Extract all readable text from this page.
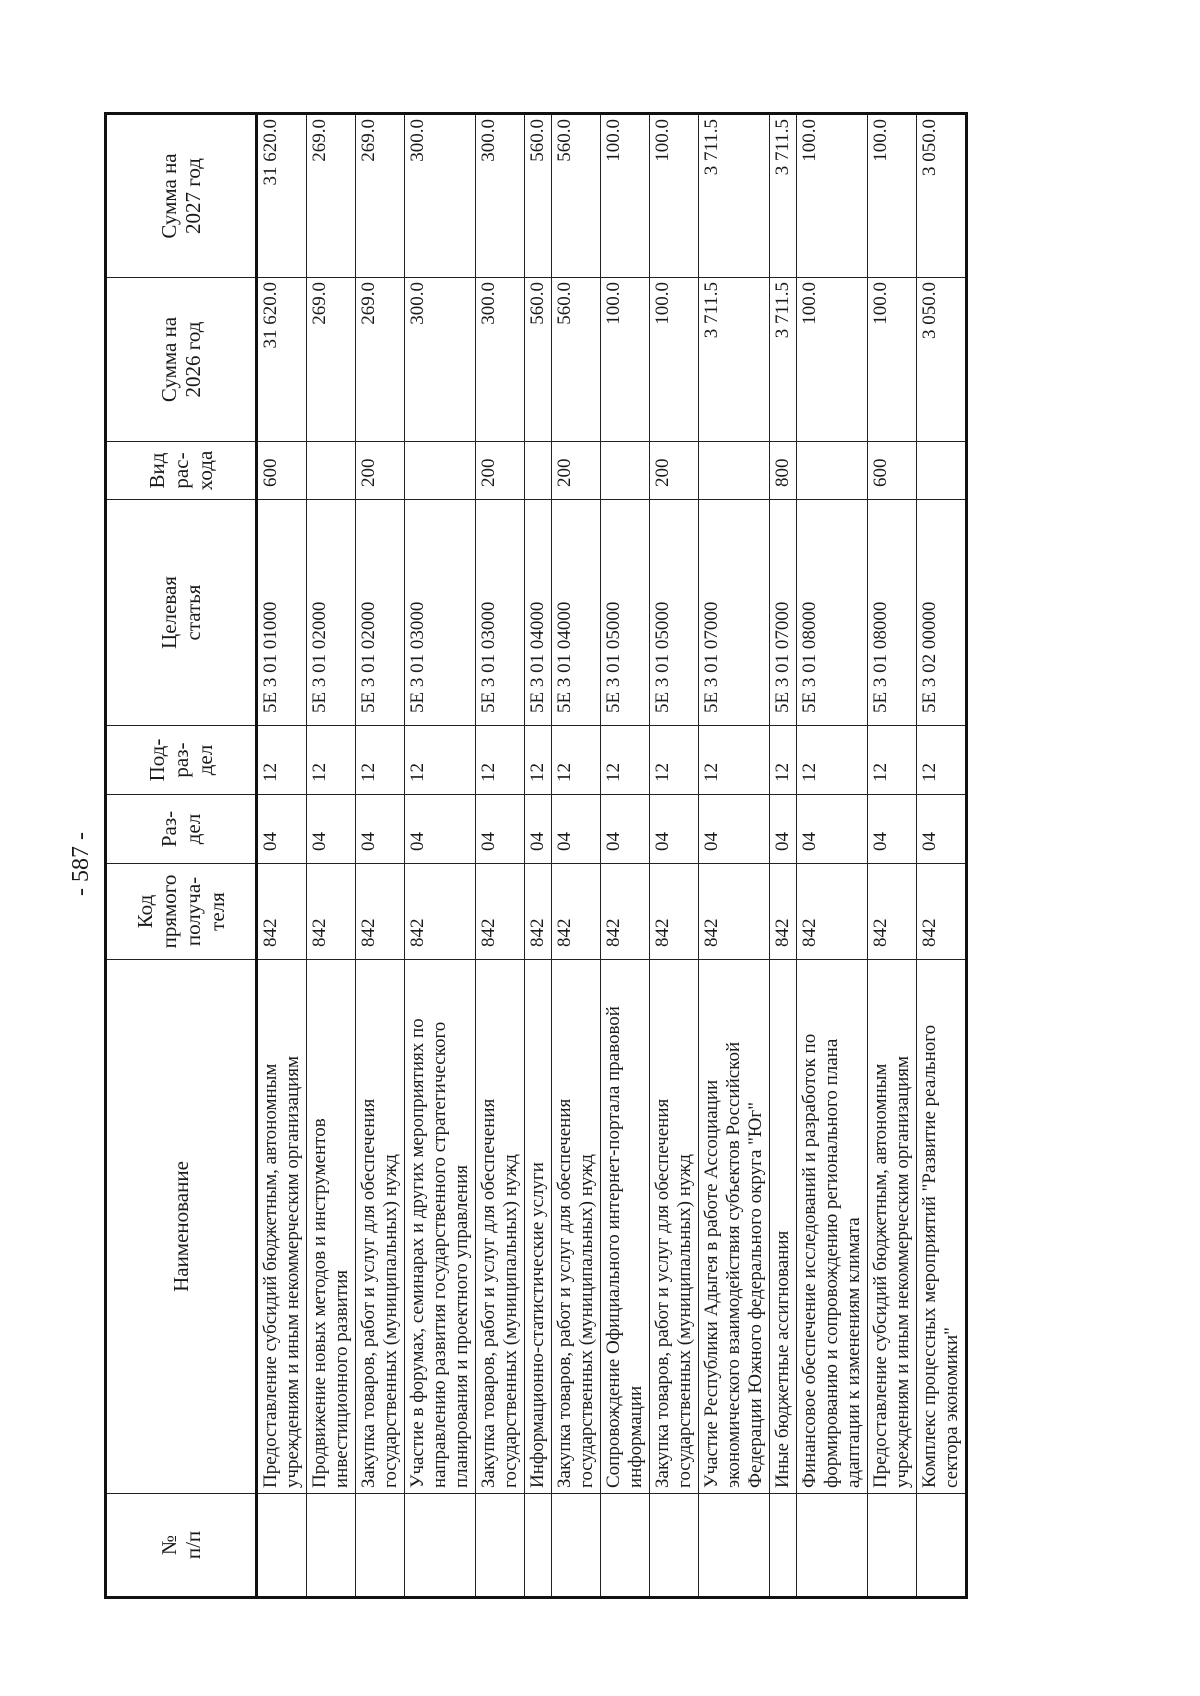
- 587 -
№ п/п	Наименование	Код прямого получа- теля	Раз- дел	Под- раз- дел	Целевая статья	Вид рас- хода	Сумма на 2026 год	Сумма на 2027 год

	Предоставление субсидий бюджетным, автономным учреждениям и иным некоммерческим организациям	842	04	12	5Е 3 01 01000	600	31 620.0	31 620.0

	Продвижение новых методов и инструментов инвестиционного развития	842	04	12	5Е 3 01 02000		269.0	269.0

	Закупка товаров, работ и услуг для обеспечения государственных (муниципальных) нужд	842	04	12	5Е 3 01 02000	200	269.0	269.0

	Участие в форумах, семинарах и других мероприятиях по направлению развития государственного стратегического планирования и проектного управления	842	04	12	5Е 3 01 03000		300.0	300.0

	Закупка товаров, работ и услуг для обеспечения государственных (муниципальных) нужд	842	04	12	5Е 3 01 03000	200	300.0	300.0

	Информационно-статистические услуги	842	04	12	5Е 3 01 04000		560.0	560.0

	Закупка товаров, работ и услуг для обеспечения государственных (муниципальных) нужд	842	04	12	5Е 3 01 04000	200	560.0	560.0

	Сопровождение Официального интернет-портала правовой информации	842	04	12	5Е 3 01 05000		100.0	100.0

	Закупка товаров, работ и услуг для обеспечения государственных (муниципальных) нужд	842	04	12	5Е 3 01 05000	200	100.0	100.0

	Участие Республики Адыгея в работе Ассоциации экономического взаимодействия субъектов Российской Федерации Южного федерального округа "Юг"	842	04	12	5Е 3 01 07000		3 711.5	3 711.5

	Иные бюджетные ассигнования	842	04	12	5Е 3 01 07000	800	3 711.5	3 711.5

	Финансовое обеспечение исследований и разработок по формированию и сопровождению регионального плана адаптации к изменениям климата	842	04	12	5Е 3 01 08000		100.0	100.0

	Предоставление субсидий бюджетным, автономным учреждениям и иным некоммерческим организациям	842	04	12	5Е 3 01 08000	600	100.0	100.0

	Комплекс процессных мероприятий "Развитие реального сектора экономики"	842	04	12	5Е 3 02 00000		3 050.0	3 050.0
